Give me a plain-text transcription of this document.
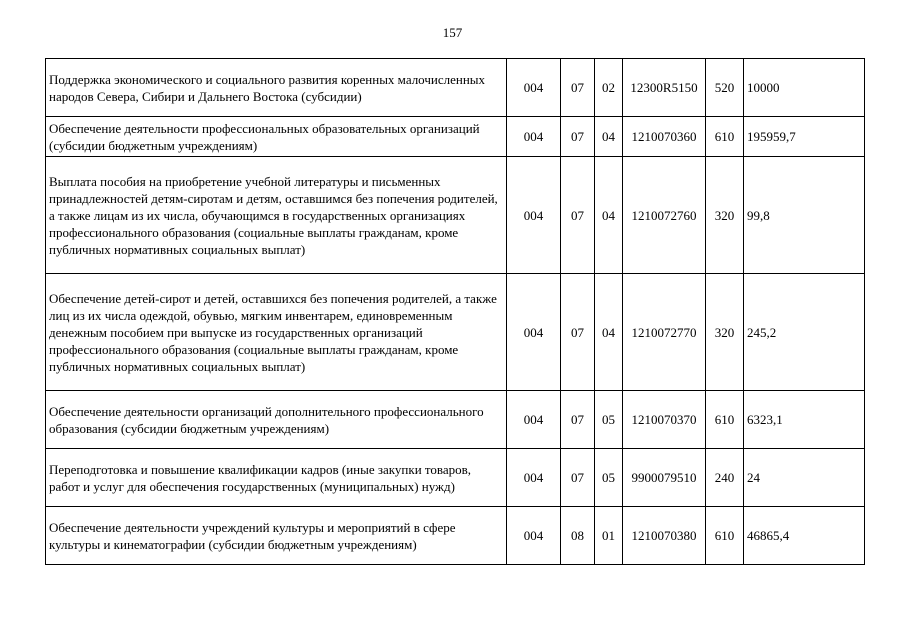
157
Поддержка экономического и социального развития коренных малочисленных народов Севера, Сибири и Дальнего Востока (субсидии)	004	07	02	12300R5150	520	10000
Обеспечение деятельности профессиональных образовательных организаций (субсидии бюджетным учреждениям)	004	07	04	1210070360	610	195959,7
Выплата пособия на приобретение учебной литературы и письменных принадлежностей детям-сиротам и детям, оставшимся без попечения родителей, а также лицам из их числа, обучающимся в государственных организациях профессионального образования (социальные выплаты гражданам, кроме публичных нормативных социальных выплат)	004	07	04	1210072760	320	99,8
Обеспечение детей-сирот и детей, оставшихся без попечения родителей, а также лиц из их числа одеждой, обувью, мягким инвентарем, единовременным денежным пособием при выпуске из государственных организаций профессионального образования (социальные выплаты гражданам, кроме публичных нормативных социальных выплат)	004	07	04	1210072770	320	245,2
Обеспечение деятельности организаций дополнительного профессионального образования (субсидии бюджетным учреждениям)	004	07	05	1210070370	610	6323,1
Переподготовка и повышение квалификации кадров (иные закупки товаров, работ и услуг для обеспечения государственных (муниципальных) нужд)	004	07	05	9900079510	240	24
Обеспечение деятельности учреждений культуры и мероприятий в сфере культуры и кинематографии (субсидии бюджетным учреждениям)	004	08	01	1210070380	610	46865,4
